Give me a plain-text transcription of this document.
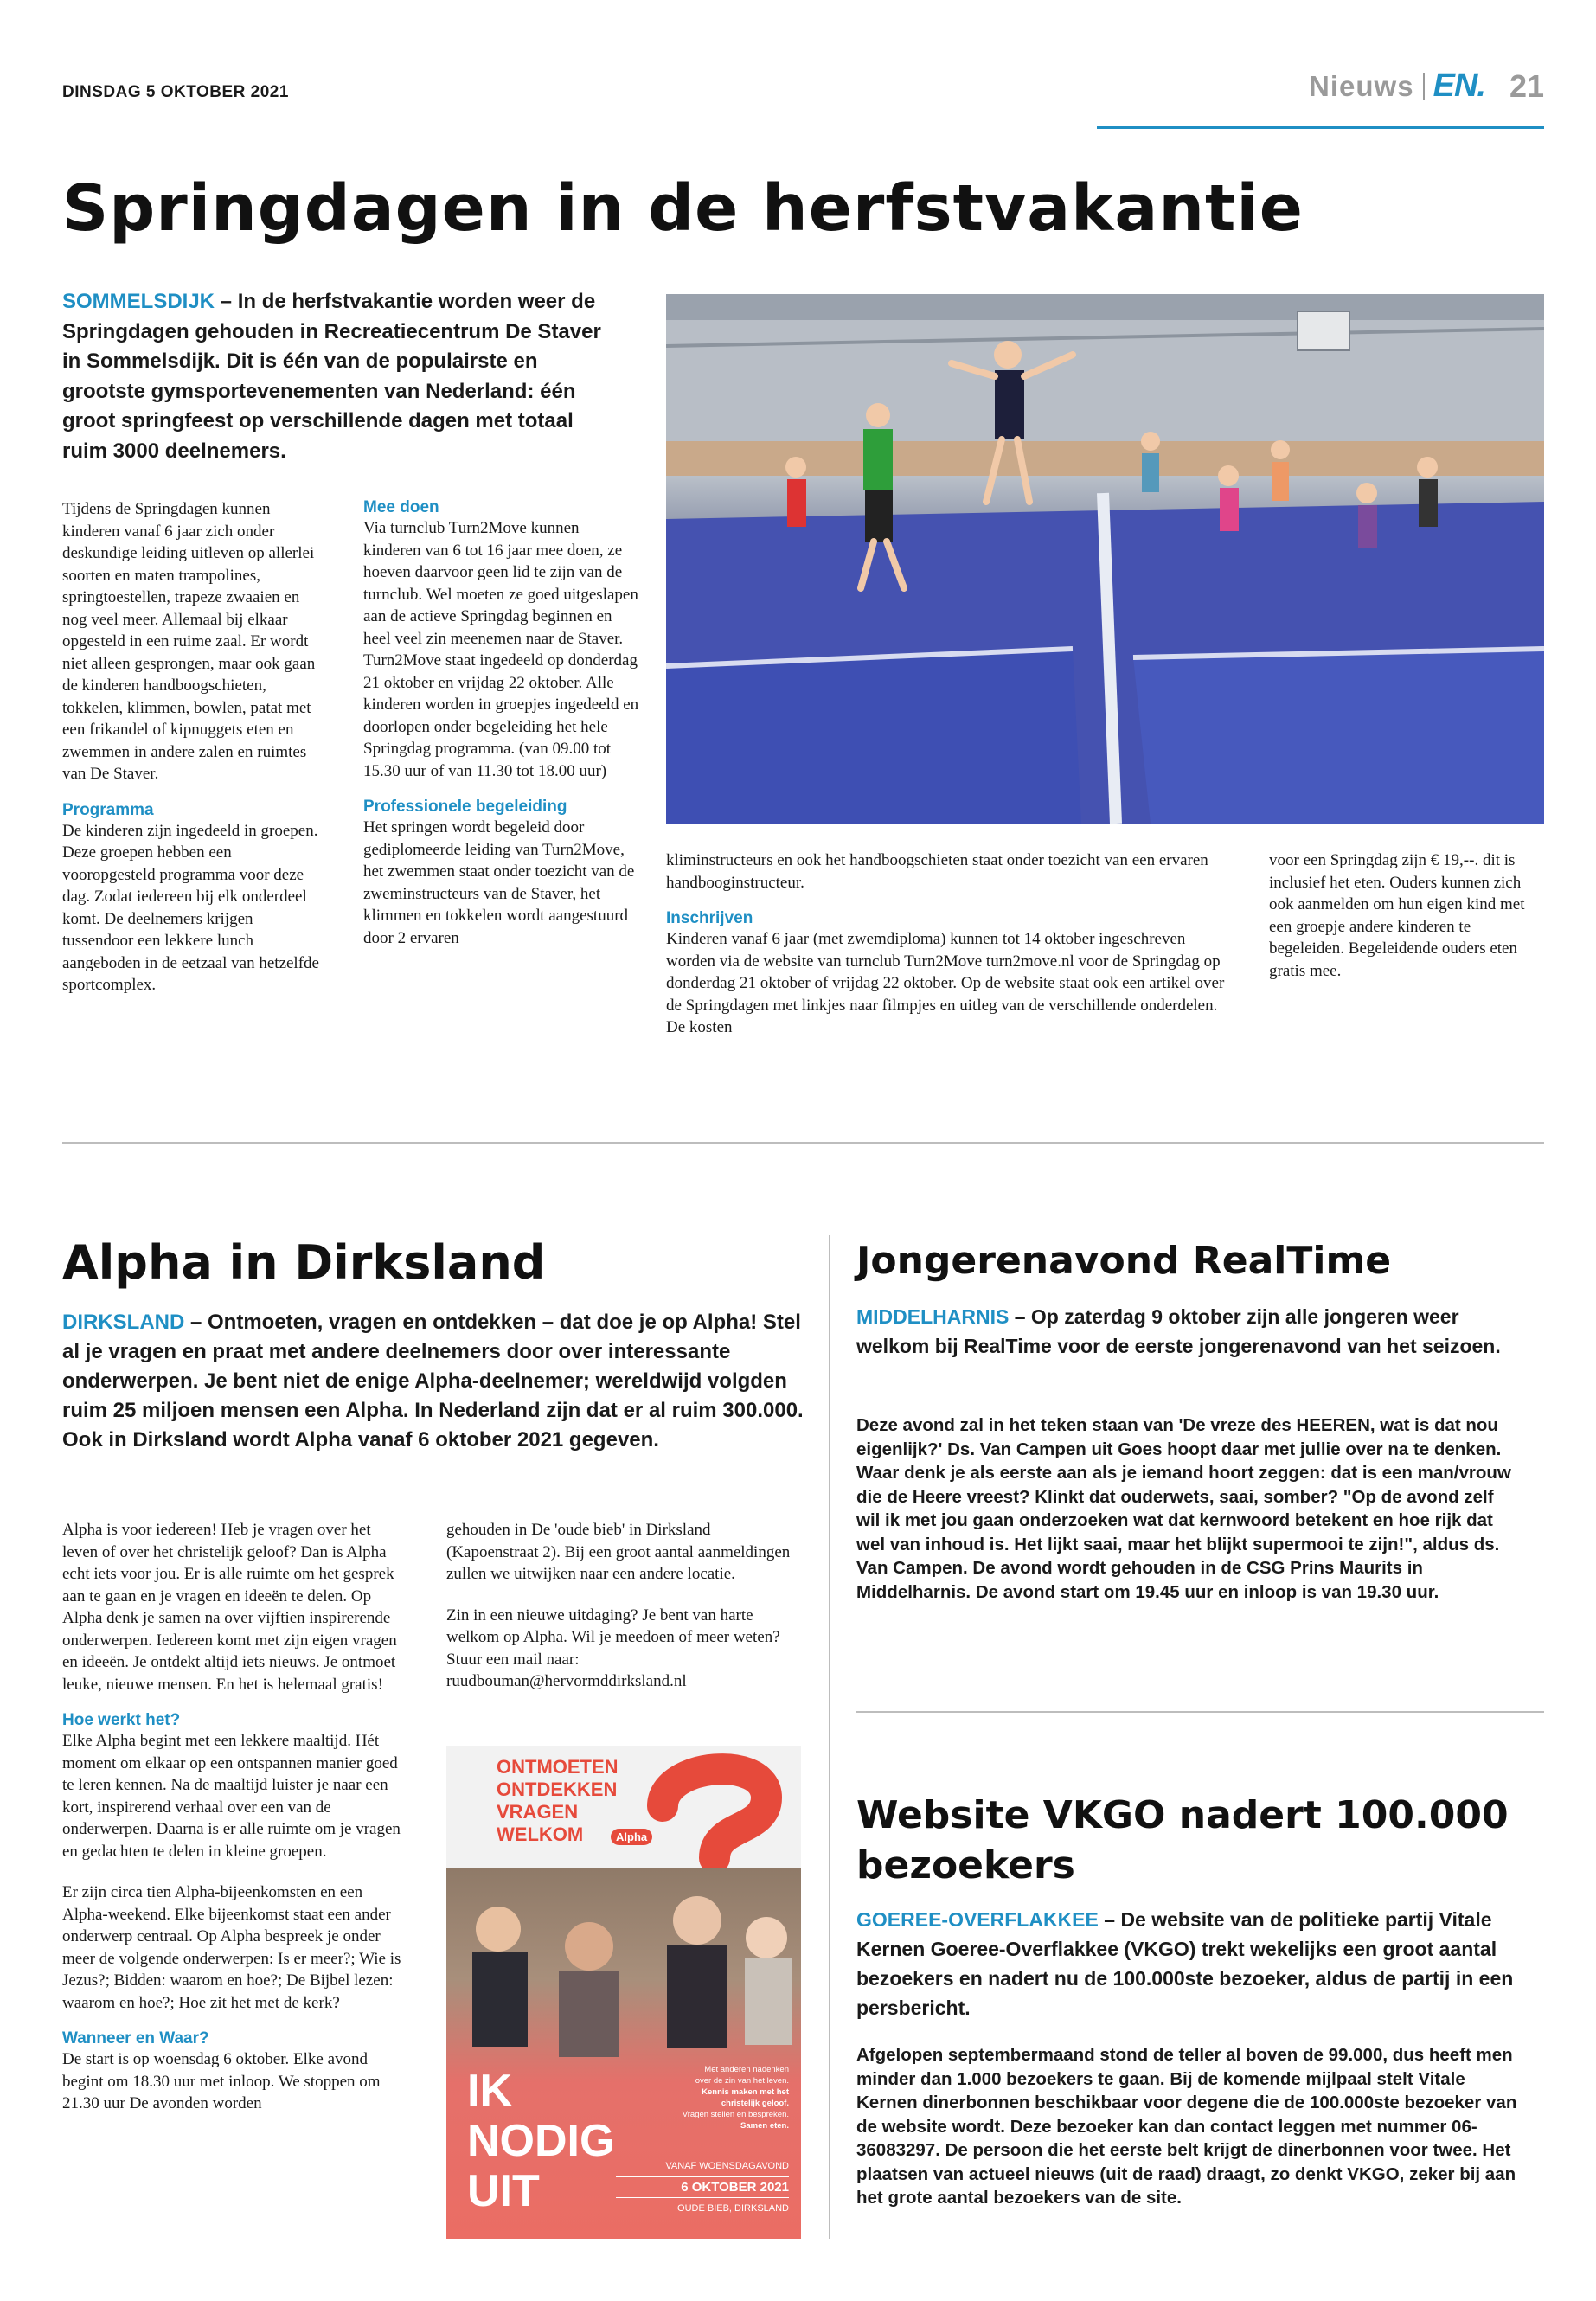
DINSDAG 5 OKTOBER 2021	Nieuws EN. 21
Springdagen in de herfstvakantie

SOMMELSDIJK – In de herfstvakantie worden weer de Springdagen gehouden in Recreatiecentrum De Staver in Sommelsdijk. Dit is één van de populairste en grootste gymsportevenementen van Nederland: één groot springfeest op verschillende dagen met totaal ruim 3000 deelnemers.

Tijdens de Springdagen kunnen kinderen vanaf 6 jaar zich onder deskundige leiding uitleven op allerlei soorten en maten trampolines, springtoestellen, trapeze zwaaien en nog veel meer. Allemaal bij elkaar opgesteld in een ruime zaal. Er wordt niet alleen gesprongen, maar ook gaan de kinderen handboogschieten, tokkelen, klimmen, bowlen, patat met een frikandel of kipnuggets eten en zwemmen in andere zalen en ruimtes van De Staver.

Programma

De kinderen zijn ingedeeld in groepen. Deze groepen hebben een vooropgesteld programma voor deze dag. Zodat iedereen bij elk onderdeel komt. De deelnemers krijgen tussendoor een lekkere lunch aangeboden in de eetzaal van hetzelfde sportcomplex.

Mee doen

Via turnclub Turn2Move kunnen kinderen van 6 tot 16 jaar mee doen, ze hoeven daarvoor geen lid te zijn van de turnclub. Wel moeten ze goed uitgeslapen aan de actieve Springdag beginnen en heel veel zin meenemen naar de Staver. Turn2Move staat ingedeeld op donderdag 21 oktober en vrijdag 22 oktober. Alle kinderen worden in groepjes ingedeeld en doorlopen onder begeleiding het hele Springdag programma. (van 09.00 tot 15.30 uur of van 11.30 tot 18.00 uur)

Professionele begeleiding

Het springen wordt begeleid door gediplomeerde leiding van Turn2Move, het zwemmen staat onder toezicht van de zweminstructeurs van de Staver, het klimmen en tokkelen wordt aangestuurd door 2 ervaren

kliminstructeurs en ook het handboogschieten staat onder toezicht van een ervaren handbooginstructeur.

Inschrijven

Kinderen vanaf 6 jaar (met zwemdiploma) kunnen tot 14 oktober ingeschreven worden via de website van turnclub Turn2Move turn2move.nl voor de Springdag op donderdag 21 oktober of vrijdag 22 oktober. Op de website staat ook een artikel over de Springdagen met linkjes naar filmpjes en uitleg van de verschillende onderdelen. De kosten

voor een Springdag zijn € 19,--. dit is inclusief het eten. Ouders kunnen zich ook aanmelden om hun eigen kind met een groepje andere kinderen te begeleiden. Begeleidende ouders eten gratis mee.

Alpha in Dirksland

DIRKSLAND – Ontmoeten, vragen en ontdekken – dat doe je op Alpha! Stel al je vragen en praat met andere deelnemers door over interessante onderwerpen. Je bent niet de enige Alpha-deelnemer; wereldwijd volgden ruim 25 miljoen mensen een Alpha. In Nederland zijn dat er al ruim 300.000. Ook in Dirksland wordt Alpha vanaf 6 oktober 2021 gegeven.

Alpha is voor iedereen! Heb je vragen over het leven of over het christelijk geloof? Dan is Alpha echt iets voor jou. Er is alle ruimte om het gesprek aan te gaan en je vragen en ideeën te delen. Op Alpha denk je samen na over vijftien inspirerende onderwerpen. Iedereen komt met zijn eigen vragen en ideeën. Je ontdekt altijd iets nieuws. Je ontmoet leuke, nieuwe mensen. En het is helemaal gratis!

Hoe werkt het?

Elke Alpha begint met een lekkere maaltijd. Hét moment om elkaar op een ontspannen manier goed te leren kennen. Na de maaltijd luister je naar een kort, inspirerend verhaal over een van de onderwerpen. Daarna is er alle ruimte om je vragen en gedachten te delen in kleine groepen.

Er zijn circa tien Alpha-bijeenkomsten en een Alpha-weekend. Elke bijeenkomst staat een ander onderwerp centraal. Op Alpha bespreek je onder meer de volgende onderwerpen: Is er meer?; Wie is Jezus?; Bidden: waarom en hoe?; De Bijbel lezen: waarom en hoe?; Hoe zit het met de kerk?

Wanneer en Waar?

De start is op woensdag 6 oktober. Elke avond begint om 18.30 uur met inloop. We stoppen om 21.30 uur De avonden worden

gehouden in De 'oude bieb' in Dirksland (Kapoenstraat 2). Bij een groot aantal aanmeldingen zullen we uitwijken naar een andere locatie.

Zin in een nieuwe uitdaging? Je bent van harte welkom op Alpha. Wil je meedoen of meer weten? Stuur een mail naar: ruudbouman@hervormddirksland.nl

ONTMOETEN
ONTDEKKEN
VRAGEN
WELKOM	Alpha
IK
NODIG
UIT
Met anderen nadenken
over de zin van het leven.
Kennis maken met het
christelijk geloof.
Vragen stellen en bespreken.
Samen eten.
VANAF WOENSDAGAVOND
6 OKTOBER 2021
OUDE BIEB, DIRKSLAND
Jongerenavond RealTime

MIDDELHARNIS – Op zaterdag 9 oktober zijn alle jongeren weer welkom bij RealTime voor de eerste jongerenavond van het seizoen.

Deze avond zal in het teken staan van 'De vreze des HEEREN, wat is dat nou eigenlijk?' Ds. Van Campen uit Goes hoopt daar met jullie over na te denken. Waar denk je als eerste aan als je iemand hoort zeggen: dat is een man/vrouw die de Heere vreest? Klinkt dat ouderwets, saai, somber? "Op de avond zelf wil ik met jou gaan onderzoeken wat dat kernwoord betekent en hoe rijk dat wel van inhoud is. Het lijkt saai, maar het blijkt supermooi te zijn!", aldus ds. Van Campen. De avond wordt gehouden in de CSG Prins Maurits in Middelharnis. De avond start om 19.45 uur en inloop is van 19.30 uur.

Website VKGO nadert 100.000 bezoekers

GOEREE-OVERFLAKKEE – De website van de politieke partij Vitale Kernen Goeree-Overflakkee (VKGO) trekt wekelijks een groot aantal bezoekers en nadert nu de 100.000ste bezoeker, aldus de partij in een persbericht.

Afgelopen septembermaand stond de teller al boven de 99.000, dus heeft men minder dan 1.000 bezoekers te gaan. Bij de komende mijlpaal stelt Vitale Kernen dinerbonnen beschikbaar voor degene die de 100.000ste bezoeker van de website wordt. Deze bezoeker kan dan contact leggen met nummer 06-36083297. De persoon die het eerste belt krijgt de dinerbonnen voor twee. Het plaatsen van actueel nieuws (uit de raad) draagt, zo denkt VKGO, zeker bij aan het grote aantal bezoekers van de site.
